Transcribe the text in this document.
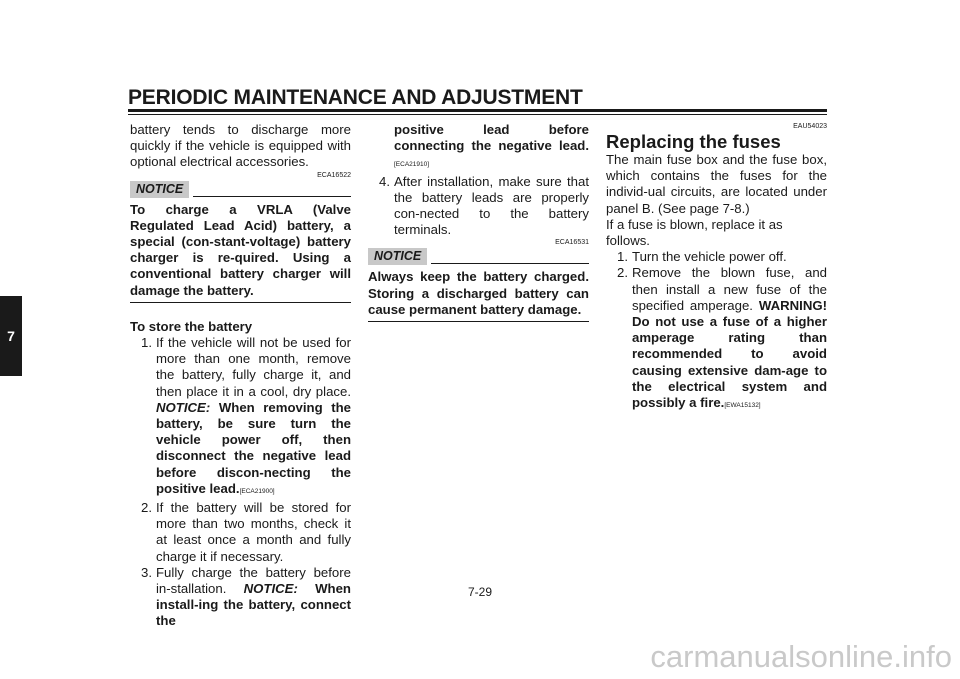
PERIODIC MAINTENANCE AND ADJUSTMENT
7

battery tends to discharge more quickly if the vehicle is equipped with optional electrical accessories.

ECA16522
NOTICE

To charge a VRLA (Valve Regulated Lead Acid) battery, a special (con-stant-voltage) battery charger is re-quired. Using a conventional battery charger will damage the battery.

To store the battery

1. If the vehicle will not be used for more than one month, remove the battery, fully charge it, and then place it in a cool, dry place. NOTICE: When removing the battery, be sure turn the vehicle power off, then disconnect the negative lead before discon-necting the positive lead.[ECA21900]
2. If the battery will be stored for more than two months, check it at least once a month and fully charge it if necessary.
3. Fully charge the battery before in-stallation. NOTICE: When install-ing the battery, connect the
positive lead before connecting the negative lead.[ECA21910]
4. After installation, make sure that the battery leads are properly con-nected to the battery terminals.
ECA16531
NOTICE

Always keep the battery charged. Storing a discharged battery can cause permanent battery damage.

EAU54023
Replacing the fuses

The main fuse box and the fuse box, which contains the fuses for the individ-ual circuits, are located under panel B. (See page 7-8.)

If a fuse is blown, replace it as follows.

1. Turn the vehicle power off.
2. Remove the blown fuse, and then install a new fuse of the specified amperage. WARNING! Do not use a fuse of a higher amperage rating than recommended to avoid causing extensive dam-age to the electrical system and possibly a fire.[EWA15132]
7-29
carmanualsonline.info
